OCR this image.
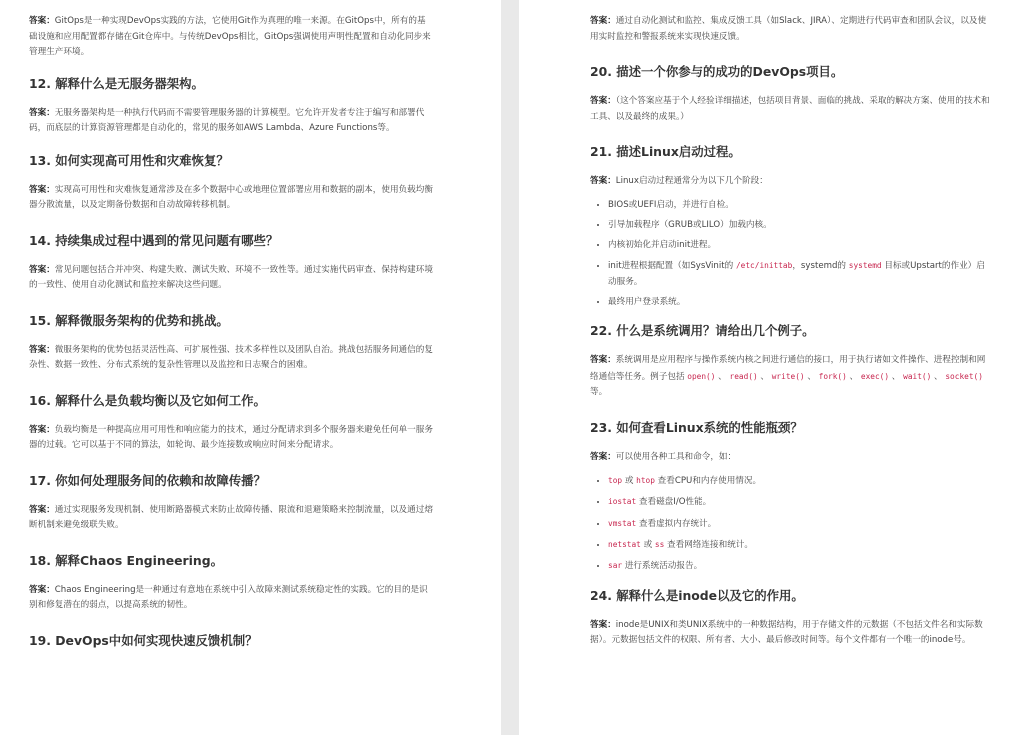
答案：GitOps是一种实现DevOps实践的方法，它使用Git作为真理的唯一来源。在GitOps中，所有的基础设施和应用配置都存储在Git仓库中。与传统DevOps相比，GitOps强调使用声明性配置和自动化同步来管理生产环境。

12. 解释什么是无服务器架构。

答案：无服务器架构是一种执行代码而不需要管理服务器的计算模型。它允许开发者专注于编写和部署代码，而底层的计算资源管理都是自动化的，常见的服务如AWS Lambda、Azure Functions等。

13. 如何实现高可用性和灾难恢复？

答案：实现高可用性和灾难恢复通常涉及在多个数据中心或地理位置部署应用和数据的副本，使用负载均衡器分散流量，以及定期备份数据和自动故障转移机制。

14. 持续集成过程中遇到的常见问题有哪些？

答案：常见问题包括合并冲突、构建失败、测试失败、环境不一致性等。通过实施代码审查、保持构建环境的一致性、使用自动化测试和监控来解决这些问题。

15. 解释微服务架构的优势和挑战。

答案：微服务架构的优势包括灵活性高、可扩展性强、技术多样性以及团队自治。挑战包括服务间通信的复杂性、数据一致性、分布式系统的复杂性管理以及监控和日志聚合的困难。

16. 解释什么是负载均衡以及它如何工作。

答案：负载均衡是一种提高应用可用性和响应能力的技术，通过分配请求到多个服务器来避免任何单一服务器的过载。它可以基于不同的算法，如轮询、最少连接数或响应时间来分配请求。

17. 你如何处理服务间的依赖和故障传播？

答案：通过实现服务发现机制、使用断路器模式来防止故障传播、限流和退避策略来控制流量，以及通过熔断机制来避免级联失败。

18. 解释Chaos Engineering。

答案：Chaos Engineering是一种通过有意地在系统中引入故障来测试系统稳定性的实践。它的目的是识别和修复潜在的弱点，以提高系统的韧性。

19. DevOps中如何实现快速反馈机制？

答案：通过自动化测试和监控、集成反馈工具（如Slack、JIRA）、定期进行代码审查和团队会议，以及使用实时监控和警报系统来实现快速反馈。

20. 描述一个你参与的成功的DevOps项目。

答案：（这个答案应基于个人经验详细描述，包括项目背景、面临的挑战、采取的解决方案、使用的技术和工具、以及最终的成果。）

21. 描述Linux启动过程。

答案：Linux启动过程通常分为以下几个阶段：

• BIOS或UEFI启动，并进行自检。
• 引导加载程序（GRUB或LILO）加载内核。
• 内核初始化并启动init进程。
• init进程根据配置（如SysVinit的 /etc/inittab，systemd的 systemd 目标或Upstart的作业）启动服务。
• 最终用户登录系统。
22. 什么是系统调用？请给出几个例子。

答案：系统调用是应用程序与操作系统内核之间进行通信的接口，用于执行诸如文件操作、进程控制和网络通信等任务。例子包括 open() 、 read() 、 write() 、 fork() 、 exec() 、 wait() 、 socket() 等。

23. 如何查看Linux系统的性能瓶颈？

答案：可以使用各种工具和命令，如：

• top 或 htop 查看CPU和内存使用情况。
• iostat 查看磁盘I/O性能。
• vmstat 查看虚拟内存统计。
• netstat 或 ss 查看网络连接和统计。
• sar 进行系统活动报告。
24. 解释什么是inode以及它的作用。

答案：inode是UNIX和类UNIX系统中的一种数据结构，用于存储文件的元数据（不包括文件名和实际数据）。元数据包括文件的权限、所有者、大小、最后修改时间等。每个文件都有一个唯一的inode号。
